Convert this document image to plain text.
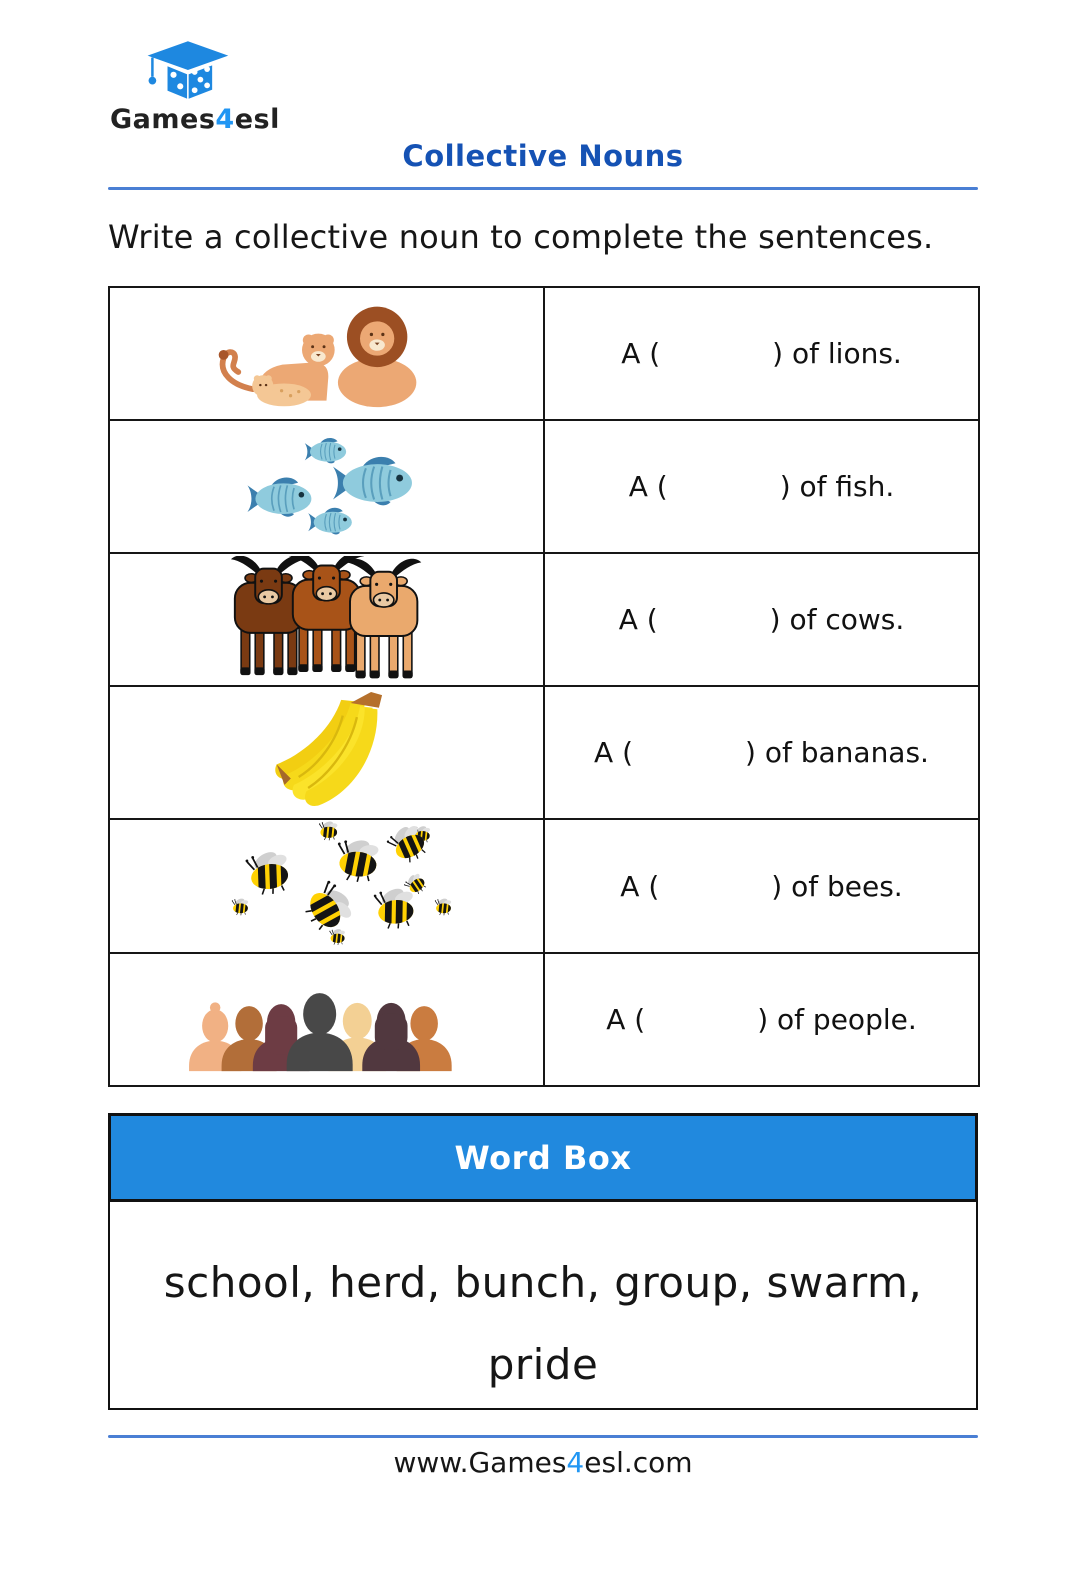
Games4esl
Collective Nouns
Write a collective noun to complete the sentences.
	A ( ) of lions.
	A ( ) of fish.
	A ( ) of cows.
	A ( ) of bananas.
	A ( ) of bees.
	A ( ) of people.
Word Box
school, herd, bunch, group, swarm,
pride
www.Games4esl.com
